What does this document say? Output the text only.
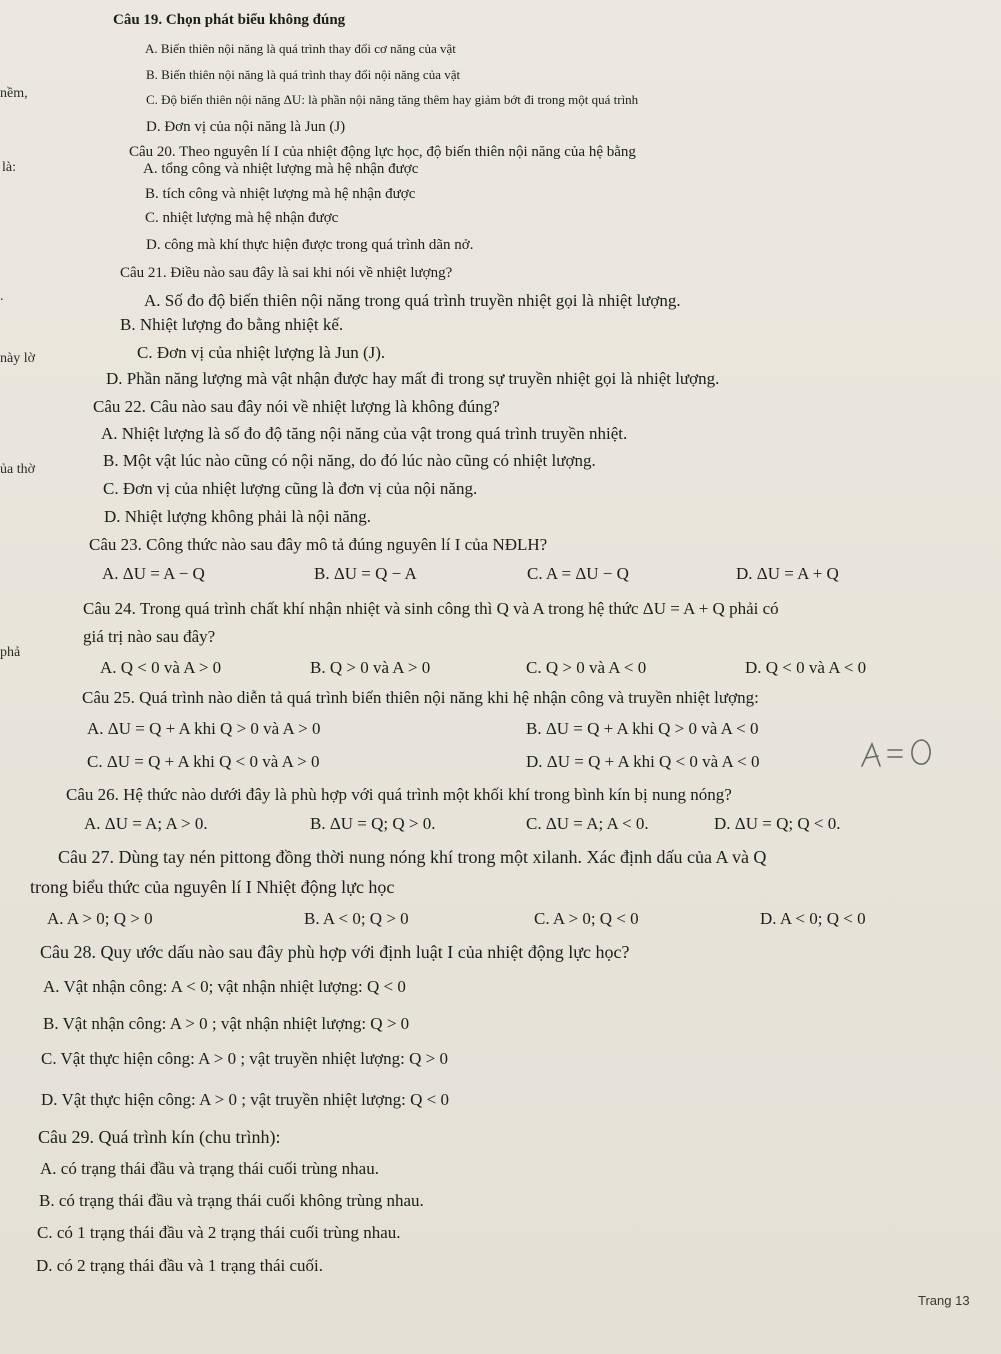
nềm,
là:
.
này lờ
ủa thờ
phả
Câu 19. Chọn phát biểu không đúng
A. Biến thiên nội năng là quá trình thay đổi cơ năng của vật
B. Biến thiên nội năng là quá trình thay đổi nội năng của vật
C. Độ biến thiên nội năng ΔU: là phần nội năng tăng thêm hay giảm bớt đi trong một quá trình
D. Đơn vị của nội năng là Jun (J)
Câu 20. Theo nguyên lí I của nhiệt động lực học, độ biến thiên nội năng của hệ bằng
A. tổng công và nhiệt lượng mà hệ nhận được
B. tích công và nhiệt lượng mà hệ nhận được
C. nhiệt lượng mà hệ nhận được
D. công mà khí thực hiện được trong quá trình dãn nở.
Câu 21. Điều nào sau đây là sai khi nói về nhiệt lượng?
A. Số đo độ biến thiên nội năng trong quá trình truyền nhiệt gọi là nhiệt lượng.
B. Nhiệt lượng đo bằng nhiệt kế.
C. Đơn vị của nhiệt lượng là Jun (J).
D. Phần năng lượng mà vật nhận được hay mất đi trong sự truyền nhiệt gọi là nhiệt lượng.
Câu 22. Câu nào sau đây nói về nhiệt lượng là không đúng?
A. Nhiệt lượng là số đo độ tăng nội năng của vật trong quá trình truyền nhiệt.
B. Một vật lúc nào cũng có nội năng, do đó lúc nào cũng có nhiệt lượng.
C. Đơn vị của nhiệt lượng cũng là đơn vị của nội năng.
D. Nhiệt lượng không phải là nội năng.
Câu 23. Công thức nào sau đây mô tả đúng nguyên lí I của NĐLH?
A. ΔU = A − Q	B. ΔU = Q − A	C. A = ΔU − Q	D. ΔU = A + Q
Câu 24. Trong quá trình chất khí nhận nhiệt và sinh công thì Q và A trong hệ thức ΔU = A + Q phải có
giá trị nào sau đây?
A. Q < 0 và A > 0	B. Q > 0 và A > 0	C. Q > 0 và A < 0	D. Q < 0 và A < 0
Câu 25. Quá trình nào diễn tả quá trình biến thiên nội năng khi hệ nhận công và truyền nhiệt lượng:
A. ΔU = Q + A khi Q > 0 và A > 0	B. ΔU = Q + A khi Q > 0 và A < 0
C. ΔU = Q + A khi Q < 0 và A > 0	D. ΔU = Q + A khi Q < 0 và A < 0
Câu 26. Hệ thức nào dưới đây là phù hợp với quá trình một khối khí trong bình kín bị nung nóng?
A. ΔU = A; A > 0.	B. ΔU = Q; Q > 0.	C. ΔU = A; A < 0.	D. ΔU = Q; Q < 0.
Câu 27. Dùng tay nén pittong đồng thời nung nóng khí trong một xilanh. Xác định dấu của A và Q
trong biểu thức của nguyên lí I Nhiệt động lực học
A. A > 0; Q > 0	B. A < 0; Q > 0	C. A > 0; Q < 0	D. A < 0; Q < 0
Câu 28. Quy ước dấu nào sau đây phù hợp với định luật I của nhiệt động lực học?
A. Vật nhận công: A < 0; vật nhận nhiệt lượng: Q < 0
B. Vật nhận công: A > 0 ; vật nhận nhiệt lượng: Q > 0
C. Vật thực hiện công: A > 0 ; vật truyền nhiệt lượng: Q > 0
D. Vật thực hiện công: A > 0 ; vật truyền nhiệt lượng: Q < 0
Câu 29. Quá trình kín (chu trình):
A. có trạng thái đầu và trạng thái cuối trùng nhau.
B. có trạng thái đầu và trạng thái cuối không trùng nhau.
C. có 1 trạng thái đầu và 2 trạng thái cuối trùng nhau.
D. có 2 trạng thái đầu và 1 trạng thái cuối.
Trang 13
